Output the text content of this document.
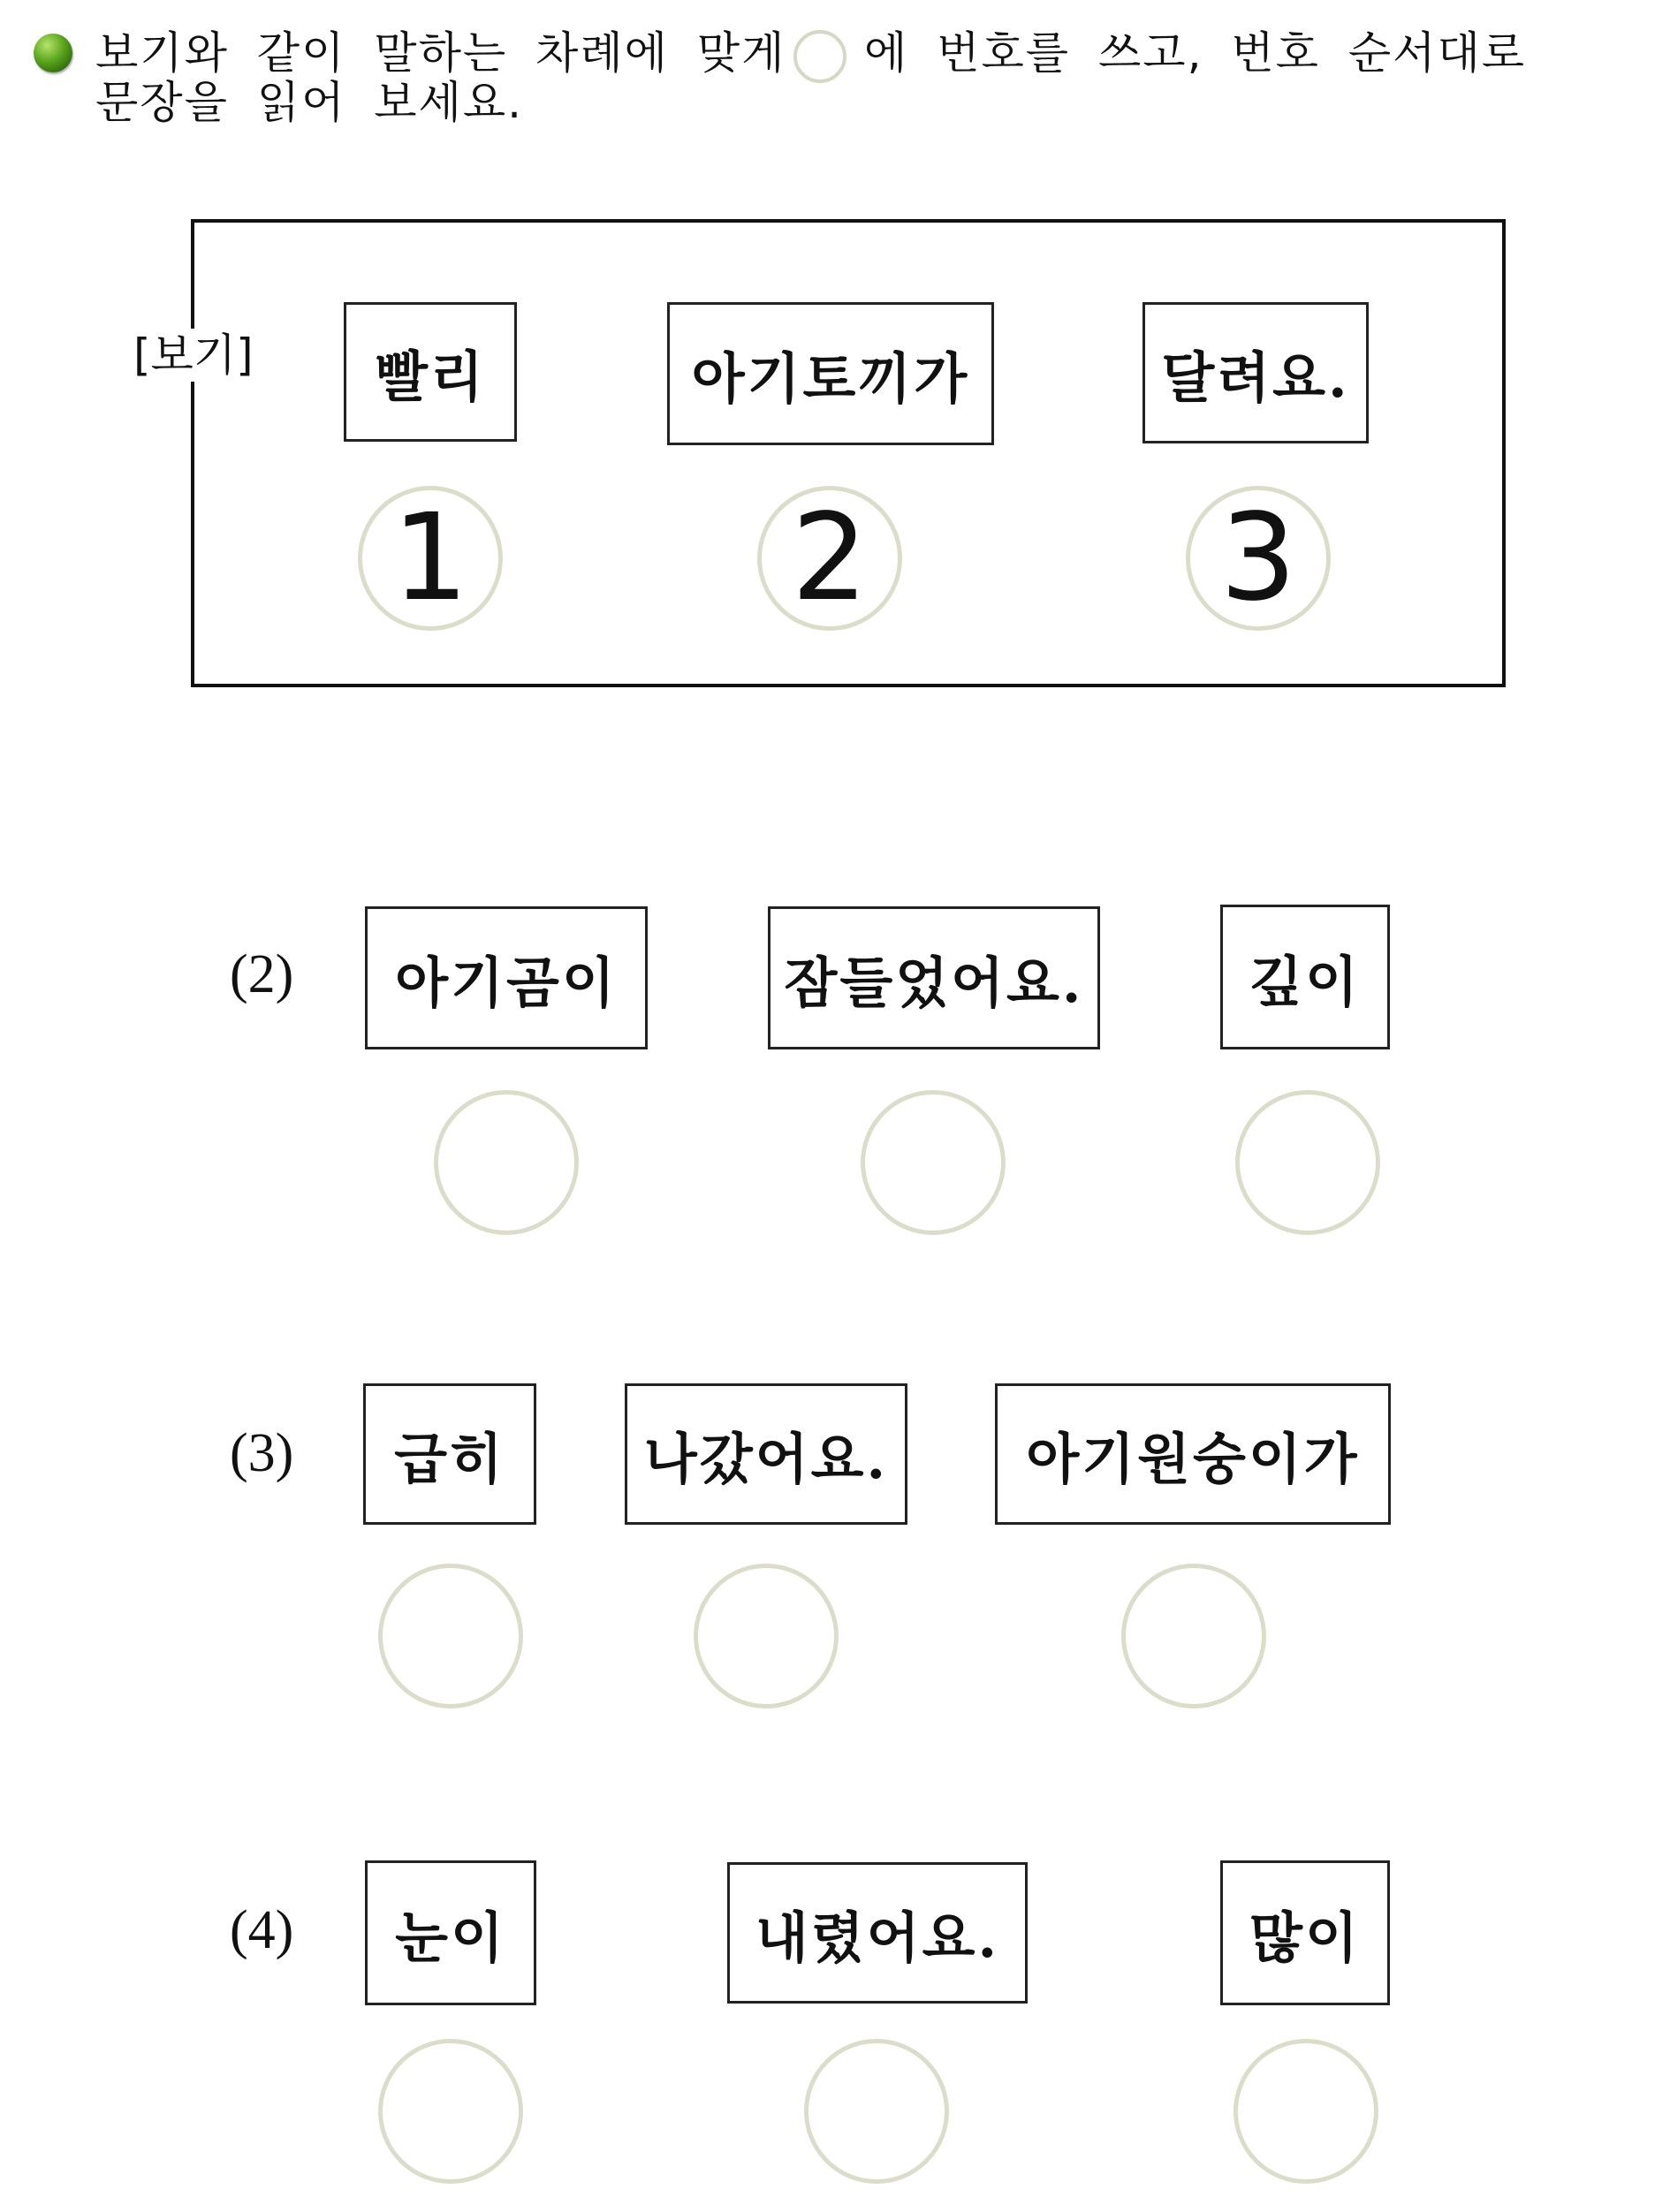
보기와 같이 말하는 차례에 맞게 에 번호를 쓰고, 번호 순서대로
문장을 읽어 보세요.
[보기]	빨리	아기토끼가	달려요.
1	2	3
(2)	아기곰이	잠들었어요.	깊이
(3)	급히	나갔어요.	아기원숭이가
(4)	눈이	내렸어요.	많이
